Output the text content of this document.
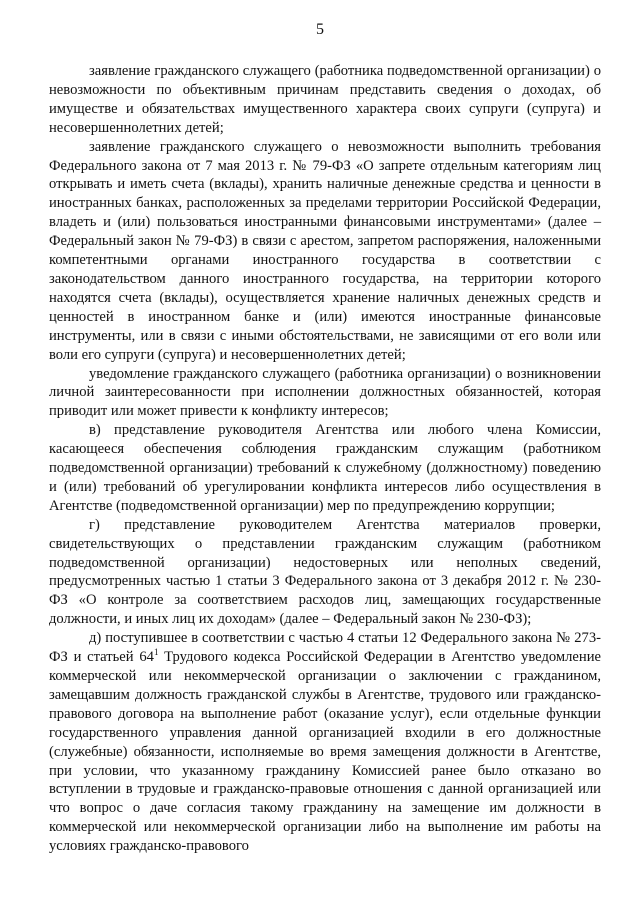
5

заявление гражданского служащего (работника подведомственной организации) о невозможности по объективным причинам представить сведения о доходах, об имуществе и обязательствах имущественного характера своих супруги (супруга) и несовершеннолетних детей;

заявление гражданского служащего о невозможности выполнить требования Федерального закона от 7 мая 2013 г. № 79-ФЗ «О запрете отдельным категориям лиц открывать и иметь счета (вклады), хранить наличные денежные средства и ценности в иностранных банках, расположенных за пределами территории Российской Федерации, владеть и (или) пользоваться иностранными финансовыми инструментами» (далее – Федеральный закон № 79-ФЗ) в связи с арестом, запретом распоряжения, наложенными компетентными органами иностранного государства в соответствии с законодательством данного иностранного государства, на территории которого находятся счета (вклады), осуществляется хранение наличных денежных средств и ценностей в иностранном банке и (или) имеются иностранные финансовые инструменты, или в связи с иными обстоятельствами, не зависящими от его воли или воли его супруги (супруга) и несовершеннолетних детей;

уведомление гражданского служащего (работника организации) о возникновении личной заинтересованности при исполнении должностных обязанностей, которая приводит или может привести к конфликту интересов;

в) представление руководителя Агентства или любого члена Комиссии, касающееся обеспечения соблюдения гражданским служащим (работником подведомственной организации) требований к служебному (должностному) поведению и (или) требований об урегулировании конфликта интересов либо осуществления в Агентстве (подведомственной организации) мер по предупреждению коррупции;

г) представление руководителем Агентства материалов проверки, свидетельствующих о представлении гражданским служащим (работником подведомственной организации) недостоверных или неполных сведений, предусмотренных частью 1 статьи 3 Федерального закона от 3 декабря 2012 г. № 230-ФЗ «О контроле за соответствием расходов лиц, замещающих государственные должности, и иных лиц их доходам» (далее – Федеральный закон № 230-ФЗ);

д) поступившее в соответствии с частью 4 статьи 12 Федерального закона № 273-ФЗ и статьей $64^1$ Трудового кодекса Российской Федерации в Агентство уведомление коммерческой или некоммерческой организации о заключении с гражданином, замещавшим должность гражданской службы в Агентстве, трудового или гражданско-правового договора на выполнение работ (оказание услуг), если отдельные функции государственного управления данной организацией входили в его должностные (служебные) обязанности, исполняемые во время замещения должности в Агентстве, при условии, что указанному гражданину Комиссией ранее было отказано во вступлении в трудовые и гражданско-правовые отношения с данной организацией или что вопрос о даче согласия такому гражданину на замещение им должности в коммерческой или некоммерческой организации либо на выполнение им работы на условиях гражданско-правового
